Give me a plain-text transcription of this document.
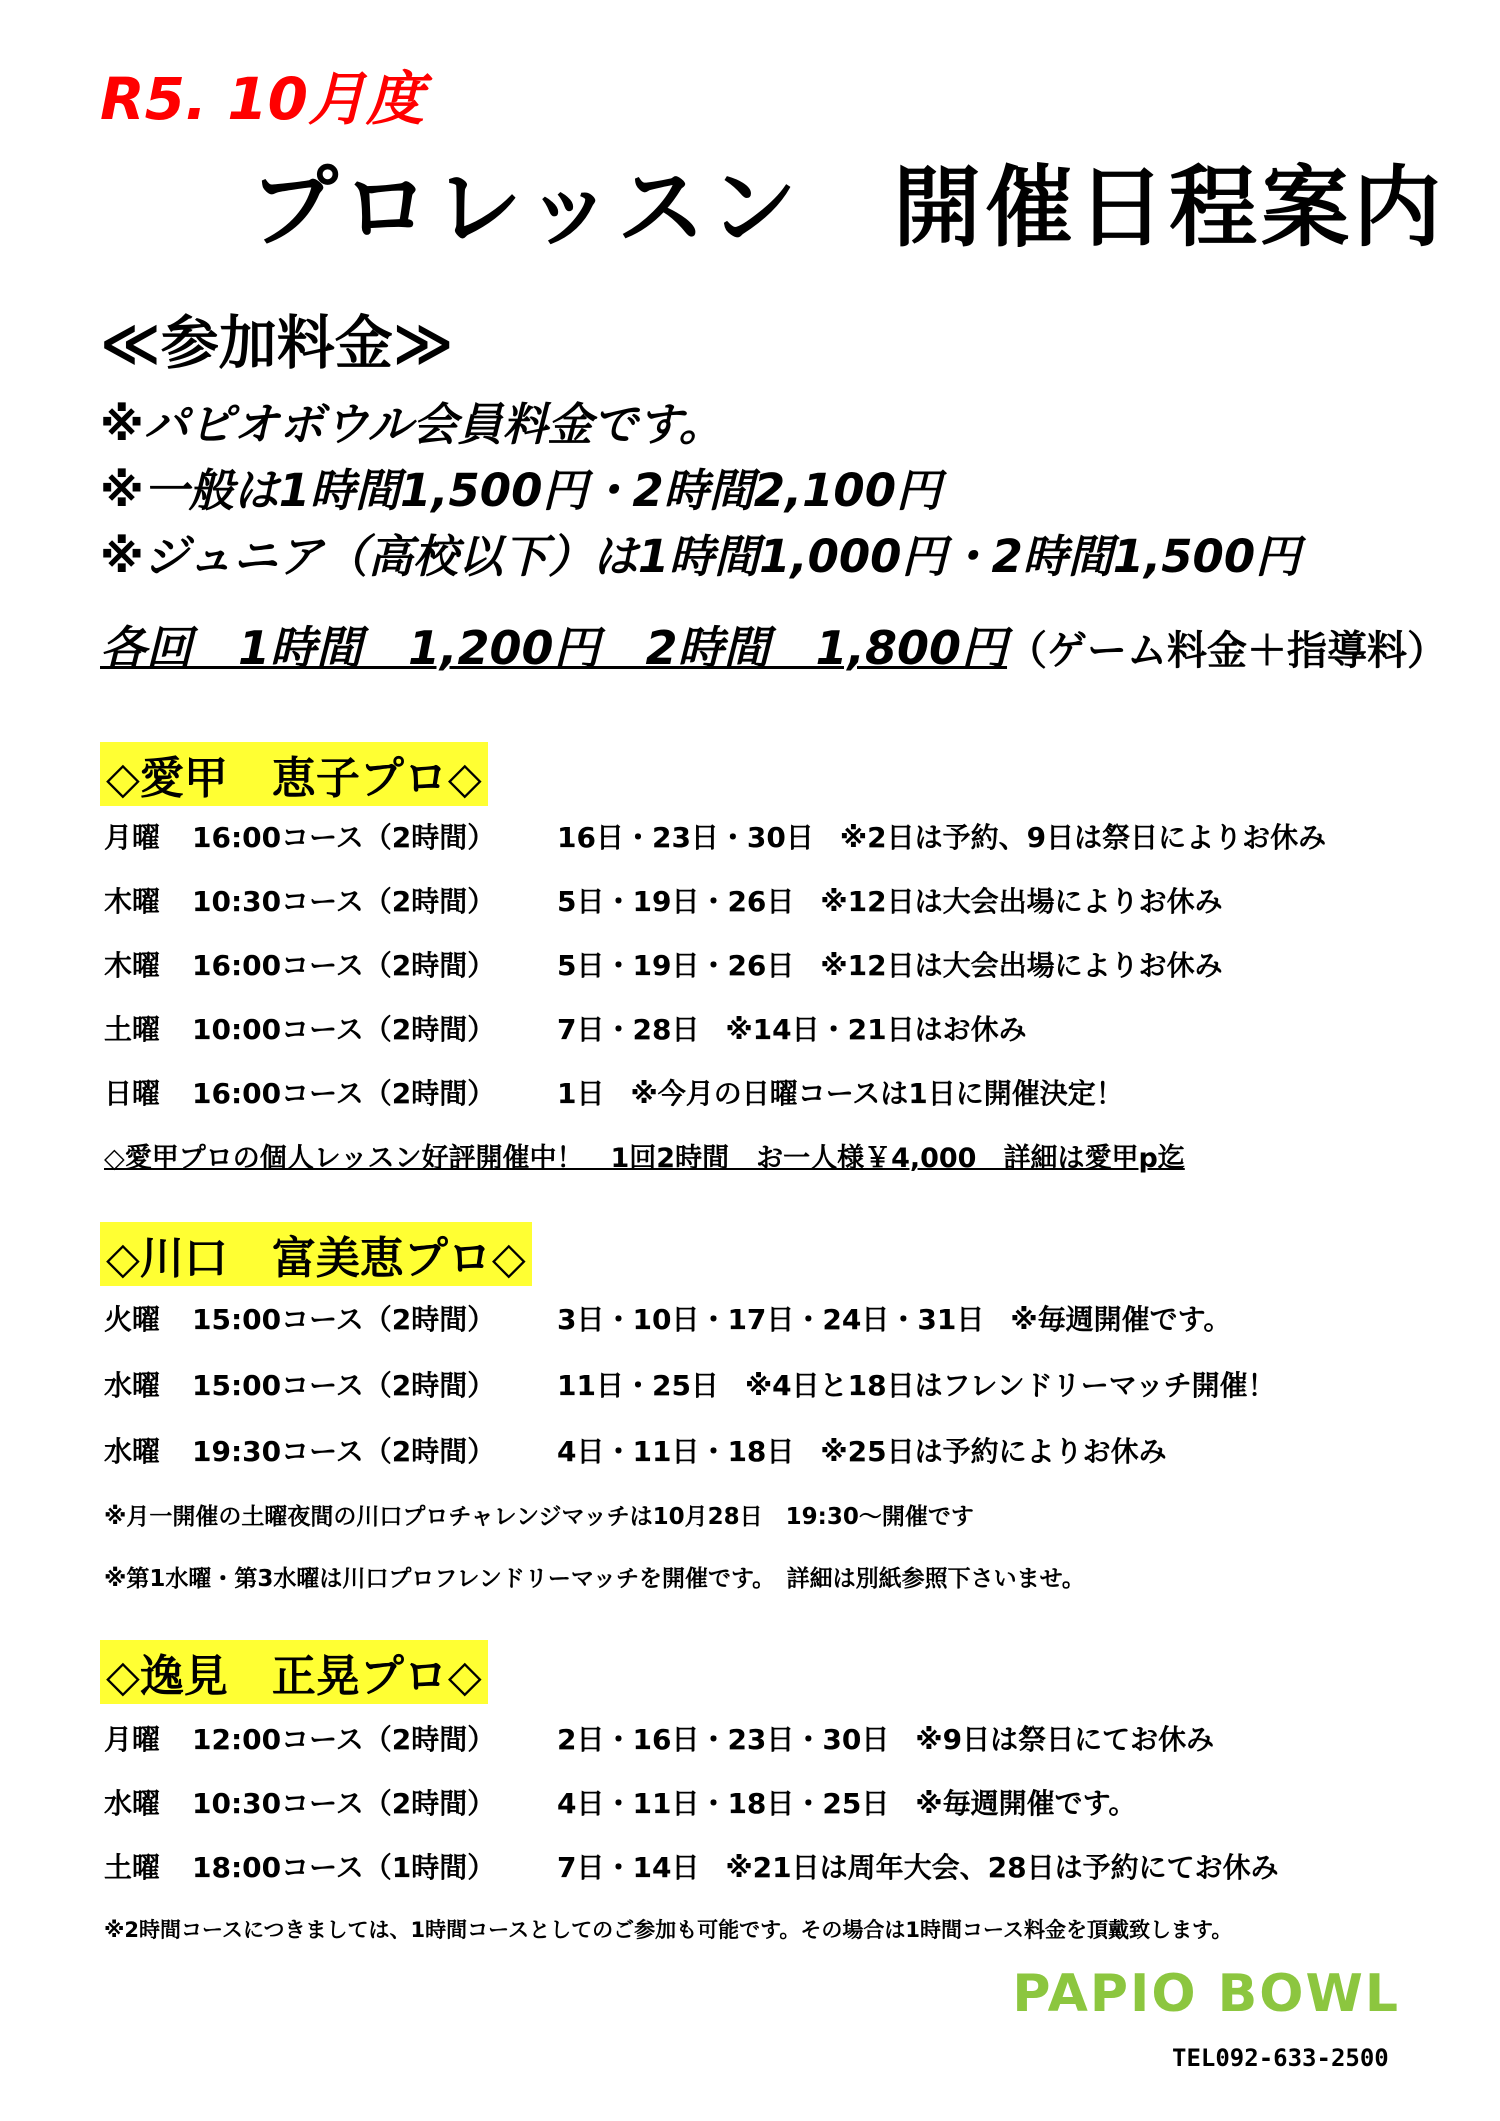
R5. 10月度
プロレッスン　開催日程案内
≪参加料金≫
※パピオボウル会員料金です。
※一般は1時間1,500円・2時間2,100円
※ジュニア（高校以下）は1時間1,000円・2時間1,500円
各回　1時間　1,200円　2時間　1,800円（ゲーム料金＋指導料）
◇愛甲　恵子プロ◇
月曜 16:00コース（2時間） 16日・23日・30日 ※2日は予約、9日は祭日によりお休み
木曜 10:30コース（2時間） 5日・19日・26日 ※12日は大会出場によりお休み
木曜 16:00コース（2時間） 5日・19日・26日 ※12日は大会出場によりお休み
土曜 10:00コース（2時間） 7日・28日 ※14日・21日はお休み
日曜 16:00コース（2時間） 1日 ※今月の日曜コースは1日に開催決定！
◇愛甲プロの個人レッスン好評開催中！　1回2時間　お一人様￥4,000　詳細は愛甲p迄
◇川口　富美恵プロ◇
火曜 15:00コース（2時間） 3日・10日・17日・24日・31日 ※毎週開催です。
水曜 15:00コース（2時間） 11日・25日 ※4日と18日はフレンドリーマッチ開催！
水曜 19:30コース（2時間） 4日・11日・18日 ※25日は予約によりお休み
※月一開催の土曜夜間の川口プロチャレンジマッチは10月28日　19:30～開催です
※第1水曜・第3水曜は川口プロフレンドリーマッチを開催です。　詳細は別紙参照下さいませ。
◇逸見　正晃プロ◇
月曜 12:00コース（2時間） 2日・16日・23日・30日 ※9日は祭日にてお休み
水曜 10:30コース（2時間） 4日・11日・18日・25日 ※毎週開催です。
土曜 18:00コース（1時間） 7日・14日 ※21日は周年大会、28日は予約にてお休み
※2時間コースにつきましては、1時間コースとしてのご参加も可能です。その場合は1時間コース料金を頂戴致します。
PAPIO BOWL
TEL092-633-2500
